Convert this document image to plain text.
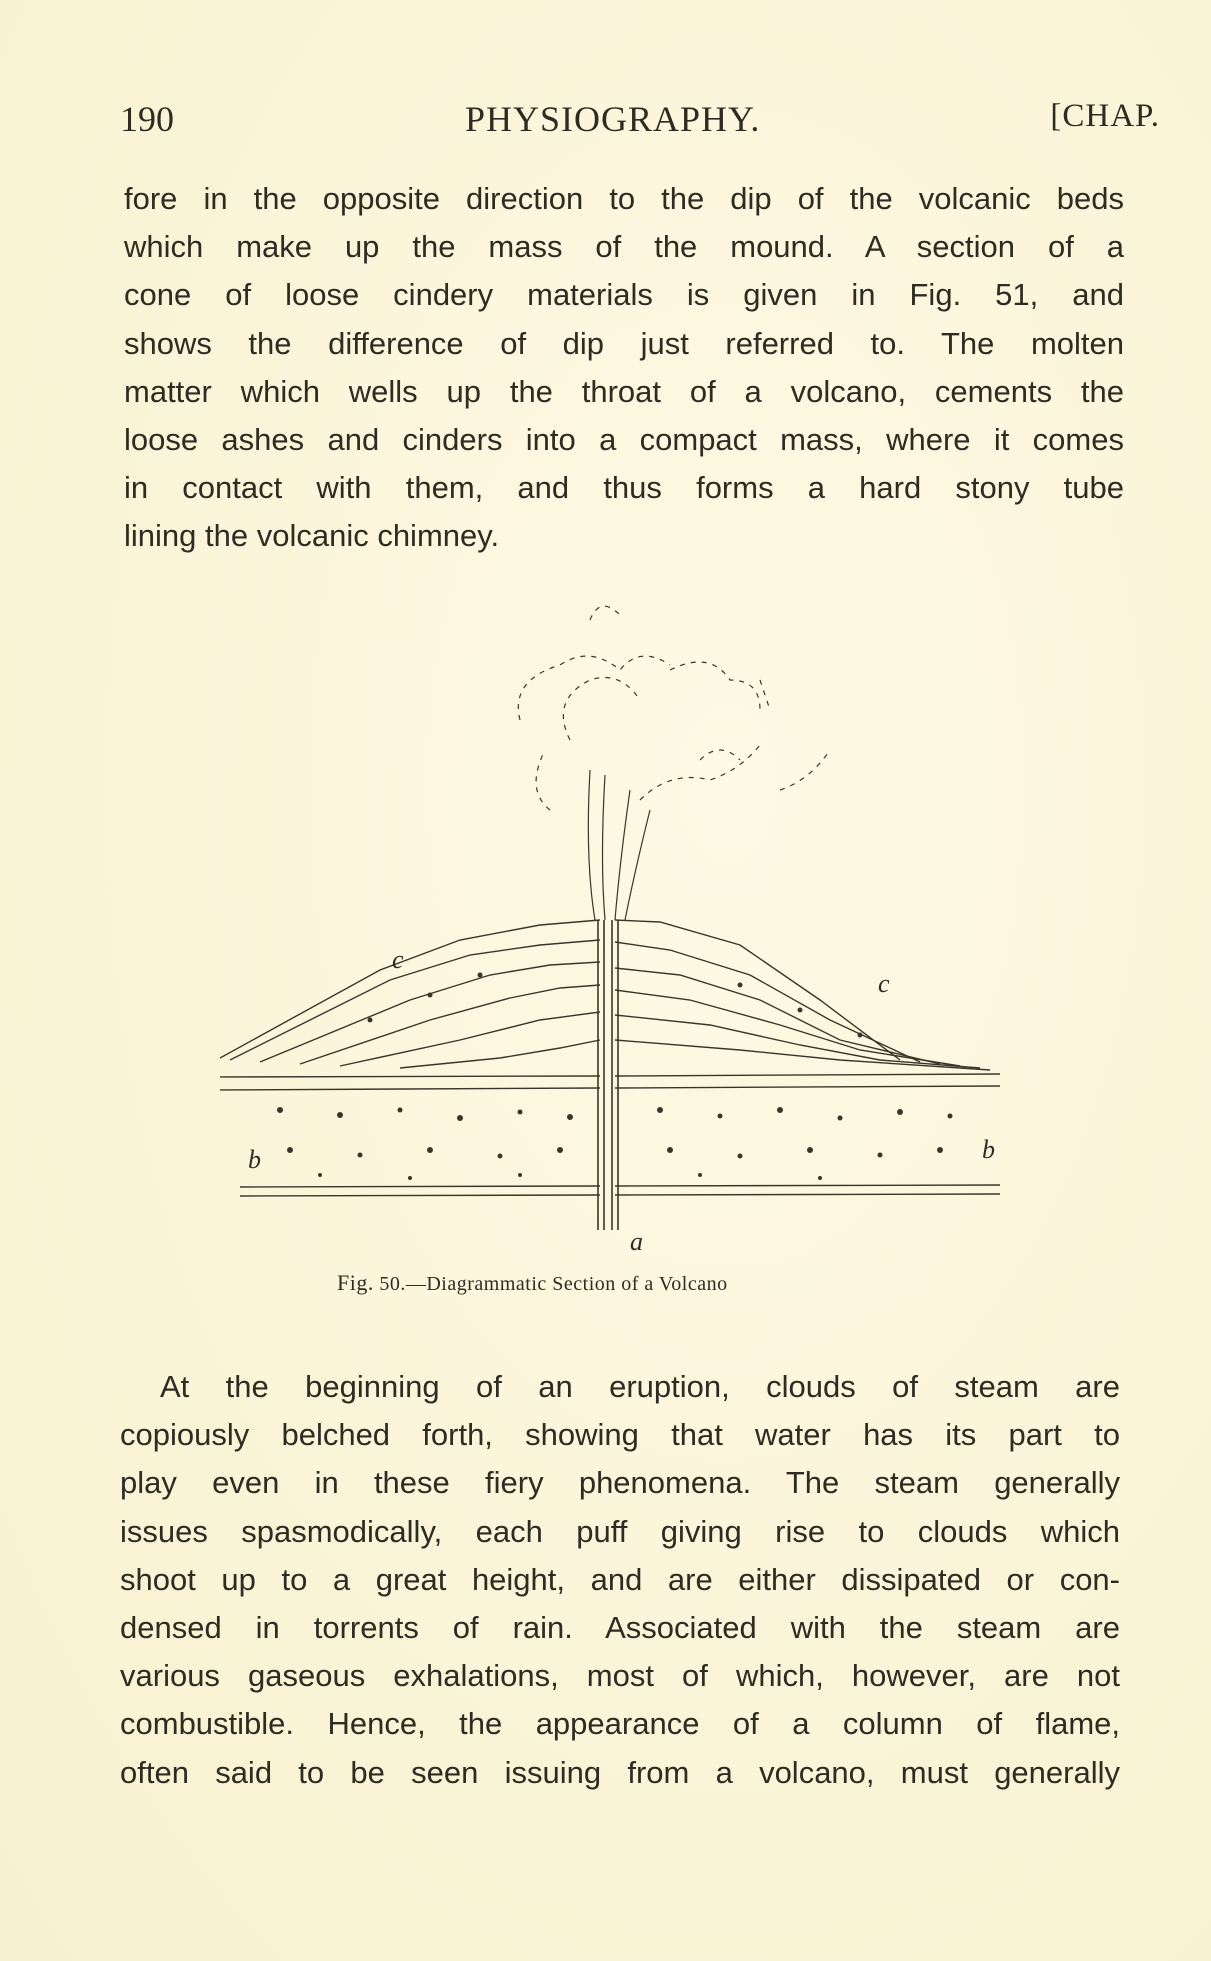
190	PHYSIOGRAPHY.	[CHAP.
fore in the opposite direction to the dip of the volcanic beds
which make up the mass of the mound. A section of a
cone of loose cindery materials is given in Fig. 51, and
shows the difference of dip just referred to. The molten
matter which wells up the throat of a volcano, cements the
loose ashes and cinders into a compact mass, where it comes
in contact with them, and thus forms a hard stony tube
lining the volcanic chimney.
c
c
b	b
a
Fig. 50.—Diagrammatic Section of a Volcano
At the beginning of an eruption, clouds of steam are
copiously belched forth, showing that water has its part to
play even in these fiery phenomena. The steam generally
issues spasmodically, each puff giving rise to clouds which
shoot up to a great height, and are either dissipated or con-
densed in torrents of rain. Associated with the steam are
various gaseous exhalations, most of which, however, are not
combustible. Hence, the appearance of a column of flame,
often said to be seen issuing from a volcano, must generally
